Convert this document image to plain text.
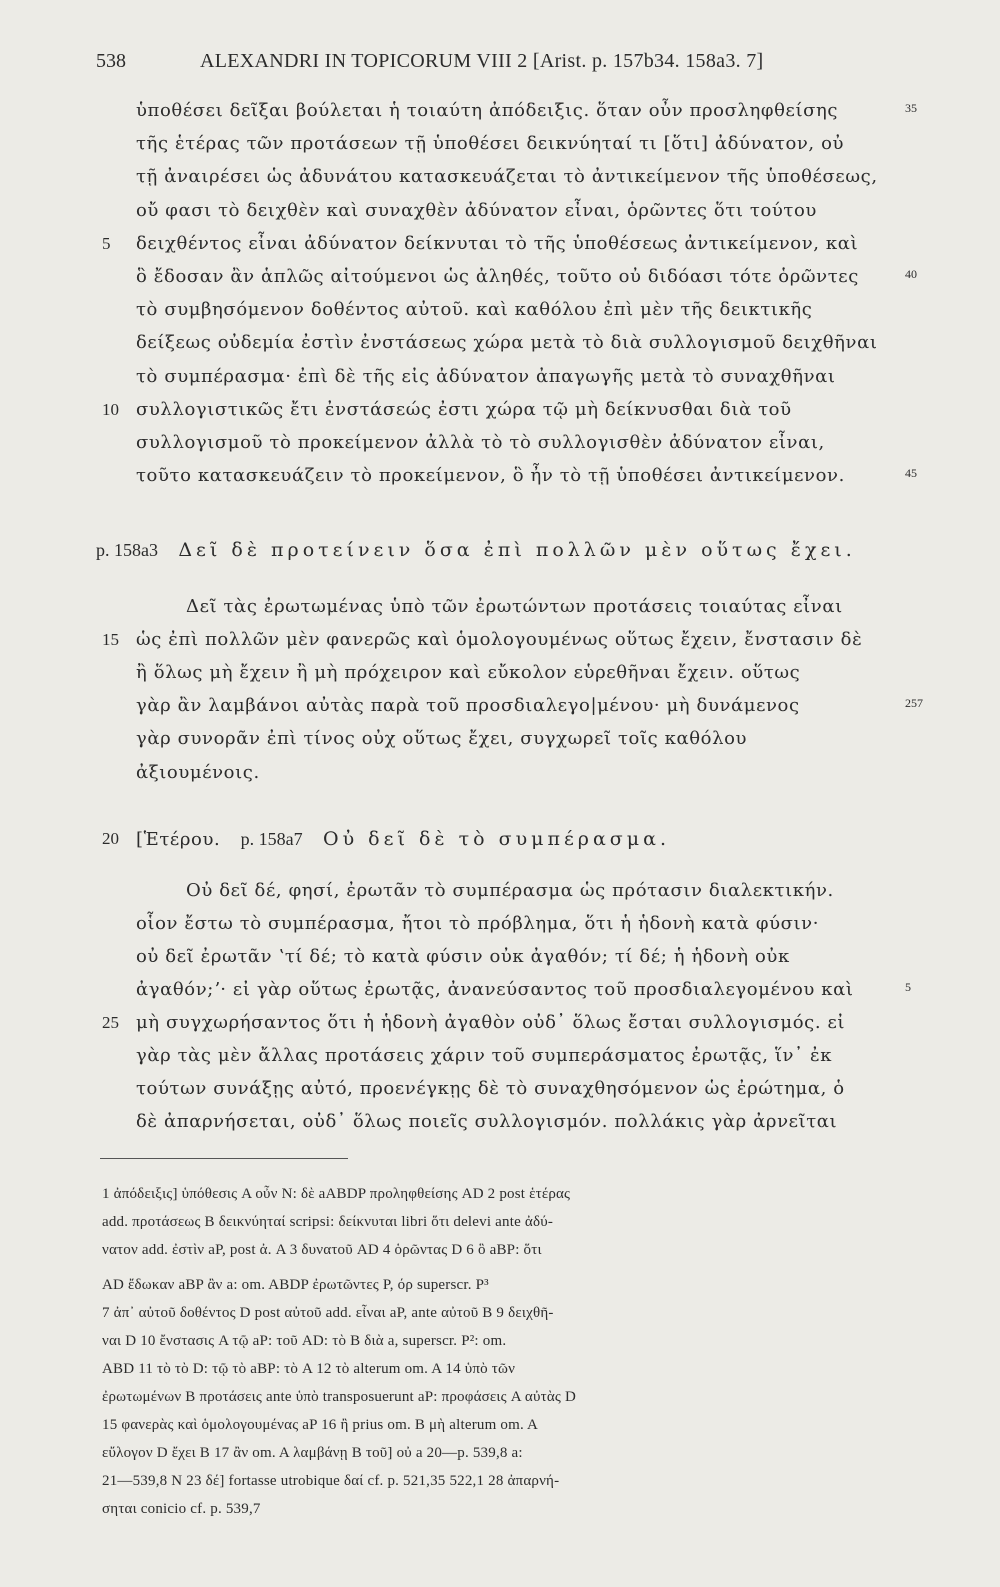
538	ALEXANDRI IN TOPICORUM VIII 2 [Arist. p. 157b34. 158a3. 7]
ὑποθέσει δεῖξαι βούλεται ἡ τοιαύτη ἀπόδειξις. ὅταν οὖν προσληφθείσης
τῆς ἑτέρας τῶν προτάσεων τῇ ὑποθέσει δεικνύηταί τι [ὅτι] ἀδύνατον, οὐ
τῇ ἀναιρέσει ὡς ἀδυνάτου κατασκευάζεται τὸ ἀντικείμενον τῆς ὑποθέσεως,
οὔ φασι τὸ δειχθὲν καὶ συναχθὲν ἀδύνατον εἶναι, ὁρῶντες ὅτι τούτου
δειχθέντος εἶναι ἀδύνατον δείκνυται τὸ τῆς ὑποθέσεως ἀντικείμενον, καὶ
ὃ ἔδοσαν ἂν ἁπλῶς αἰτούμενοι ὡς ἀληθές, τοῦτο οὐ διδόασι τότε ὁρῶντες
τὸ συμβησόμενον δοθέντος αὐτοῦ. καὶ καθόλου ἐπὶ μὲν τῆς δεικτικῆς
δείξεως οὐδεμία ἐστὶν ἐνστάσεως χώρα μετὰ τὸ διὰ συλλογισμοῦ δειχθῆναι
τὸ συμπέρασμα· ἐπὶ δὲ τῆς εἰς ἀδύνατον ἀπαγωγῆς μετὰ τὸ συναχθῆναι
συλλογιστικῶς ἔτι ἐνστάσεώς ἐστι χώρα τῷ μὴ δείκνυσθαι διὰ τοῦ
συλλογισμοῦ τὸ προκείμενον ἀλλὰ τὸ τὸ συλλογισθὲν ἀδύνατον εἶναι,
τοῦτο κατασκευάζειν τὸ προκείμενον, ὃ ἦν τὸ τῇ ὑποθέσει ἀντικείμενον.
p. 158a3 Δεῖ δὲ προτείνειν ὅσα ἐπὶ πολλῶν μὲν οὕτως ἔχει.
Δεῖ τὰς ἐρωτωμένας ὑπὸ τῶν ἐρωτώντων προτάσεις τοιαύτας εἶναι
ὡς ἐπὶ πολλῶν μὲν φανερῶς καὶ ὁμολογουμένως οὕτως ἔχειν, ἔνστασιν δὲ
ἢ ὅλως μὴ ἔχειν ἢ μὴ πρόχειρον καὶ εὔκολον εὑρεθῆναι ἔχειν. οὕτως
γὰρ ἂν λαμβάνοι αὐτὰς παρὰ τοῦ προσδιαλεγο|μένου· μὴ δυνάμενος
γὰρ συνορᾶν ἐπὶ τίνος οὐχ οὕτως ἔχει, συγχωρεῖ τοῖς καθόλου
ἀξιουμένοις.
[Ἑτέρου. p. 158a7 Οὐ δεῖ δὲ τὸ συμπέρασμα.
Οὐ δεῖ δέ, φησί, ἐρωτᾶν τὸ συμπέρασμα ὡς πρότασιν διαλεκτικήν.
οἷον ἔστω τὸ συμπέρασμα, ἤτοι τὸ πρόβλημα, ὅτι ἡ ἡδονὴ κατὰ φύσιν·
οὐ δεῖ ἐρωτᾶν ʽτί δέ; τὸ κατὰ φύσιν οὐκ ἀγαθόν; τί δέ; ἡ ἡδονὴ οὐκ
ἀγαθόν;ʼ· εἰ γὰρ οὕτως ἐρωτᾷς, ἀνανεύσαντος τοῦ προσδιαλεγομένου καὶ
μὴ συγχωρήσαντος ὅτι ἡ ἡδονὴ ἀγαθὸν οὐδ᾽ ὅλως ἔσται συλλογισμός. εἰ
γὰρ τὰς μὲν ἄλλας προτάσεις χάριν τοῦ συμπεράσματος ἐρωτᾷς, ἵν᾽ ἐκ
τούτων συνάξῃς αὐτό, προενέγκῃς δὲ τὸ συναχθησόμενον ὡς ἐρώτημα, ὁ
δὲ ἀπαρνήσεται, οὐδ᾽ ὅλως ποιεῖς συλλογισμόν. πολλάκις γὰρ ἀρνεῖται
5
10
15
20
25
35
40
45
257
5
1 ἀπόδειξις] ὑπόθεσις A οὖν N: δὲ aABDP προληφθείσης AD 2 post ἑτέρας
add. προτάσεως B δεικνύηταί scripsi: δείκνυται libri ὅτι delevi ante ἀδύ-
νατον add. ἐστὶν aP, post ἀ. A 3 δυνατοῦ AD 4 ὁρῶντας D 6 ὃ aBP: ὅτι
AD ἔδωκαν aBP ἂν a: om. ABDP ἐρωτῶντες P, όρ superscr. P³
7 ἀπ᾽ αὐτοῦ δοθέντος D post αὐτοῦ add. εἶναι aP, ante αὐτοῦ B 9 δειχθῆ-
ναι D 10 ἔνστασις A τῷ aP: τοῦ AD: τὸ B διὰ a, superscr. P²: om.
ABD 11 τὸ τὸ D: τῷ τὸ aBP: τὸ A 12 τὸ alterum om. A 14 ὑπὸ τῶν
ἐρωτωμένων B προτάσεις ante ὑπὸ transposuerunt aP: προφάσεις A αὐτὰς D
15 φανερὰς καὶ ὁμολογουμένας aP 16 ἢ prius om. B μὴ alterum om. A
εὔλογον D ἔχει B 17 ἂν om. A λαμβάνῃ B τοῦ] οὐ a 20—p. 539,8 a:
21—539,8 N 23 δέ] fortasse utrobique δαί cf. p. 521,35 522,1 28 ἀπαρνή-
σηται conicio cf. p. 539,7
